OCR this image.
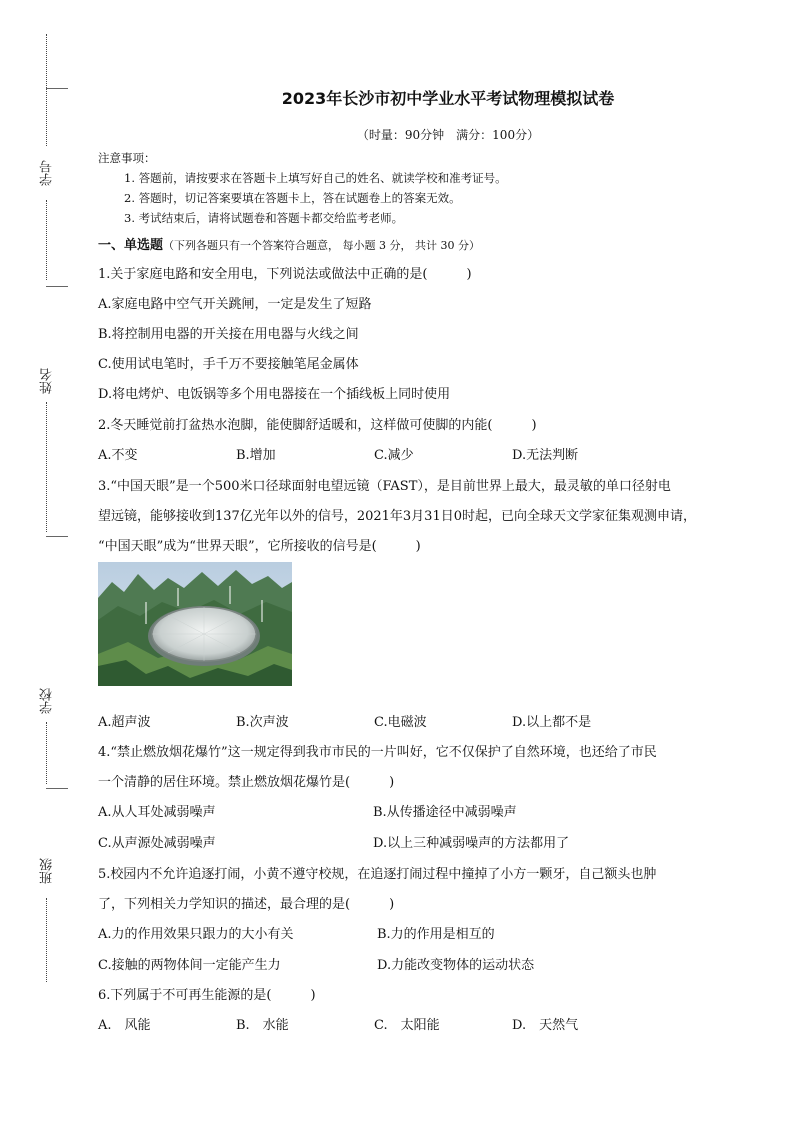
学号
姓名
学校
班级
2023年长沙市初中学业水平考试物理模拟试卷
（时量：90分钟　满分：100分）
注意事项：
1. 答题前，请按要求在答题卡上填写好自己的姓名、就读学校和准考证号。
2. 答题时，切记答案要填在答题卡上，答在试题卷上的答案无效。
3. 考试结束后，请将试题卷和答题卡都交给监考老师。
一、单选题（下列各题只有一个答案符合题意， 每小题 3 分， 共计 30 分）
1.关于家庭电路和安全用电，下列说法或做法中正确的是(　　　)
A.家庭电路中空气开关跳闸，一定是发生了短路
B.将控制用电器的开关接在用电器与火线之间
C.使用试电笔时，手千万不要接触笔尾金属体
D.将电烤炉、电饭锅等多个用电器接在一个插线板上同时使用
2.冬天睡觉前打盆热水泡脚，能使脚舒适暖和，这样做可使脚的内能(　　　)
A.不变	B.增加	C.减少	D.无法判断
3.“中国天眼”是一个500米口径球面射电望远镜（FAST），是目前世界上最大，最灵敏的单口径射电
望远镜，能够接收到137亿光年以外的信号，2021年3月31日0时起，已向全球天文学家征集观测申请，
“中国天眼”成为“世界天眼”，它所接收的信号是(　　　)
A.超声波	B.次声波	C.电磁波	D.以上都不是
4.“禁止燃放烟花爆竹”这一规定得到我市市民的一片叫好，它不仅保护了自然环境，也还给了市民
一个清静的居住环境。禁止燃放烟花爆竹是(　　　)
A.从人耳处减弱噪声	B.从传播途径中减弱噪声
C.从声源处减弱噪声	D.以上三种减弱噪声的方法都用了
5.校园内不允许追逐打闹，小黄不遵守校规，在追逐打闹过程中撞掉了小方一颗牙，自己额头也肿
了，下列相关力学知识的描述，最合理的是(　　　)
A.力的作用效果只跟力的大小有关	B.力的作用是相互的
C.接触的两物体间一定能产生力	D.力能改变物体的运动状态
6.下列属于不可再生能源的是(　　　)
A.　风能	B.　水能	C.　太阳能	D.　天然气
